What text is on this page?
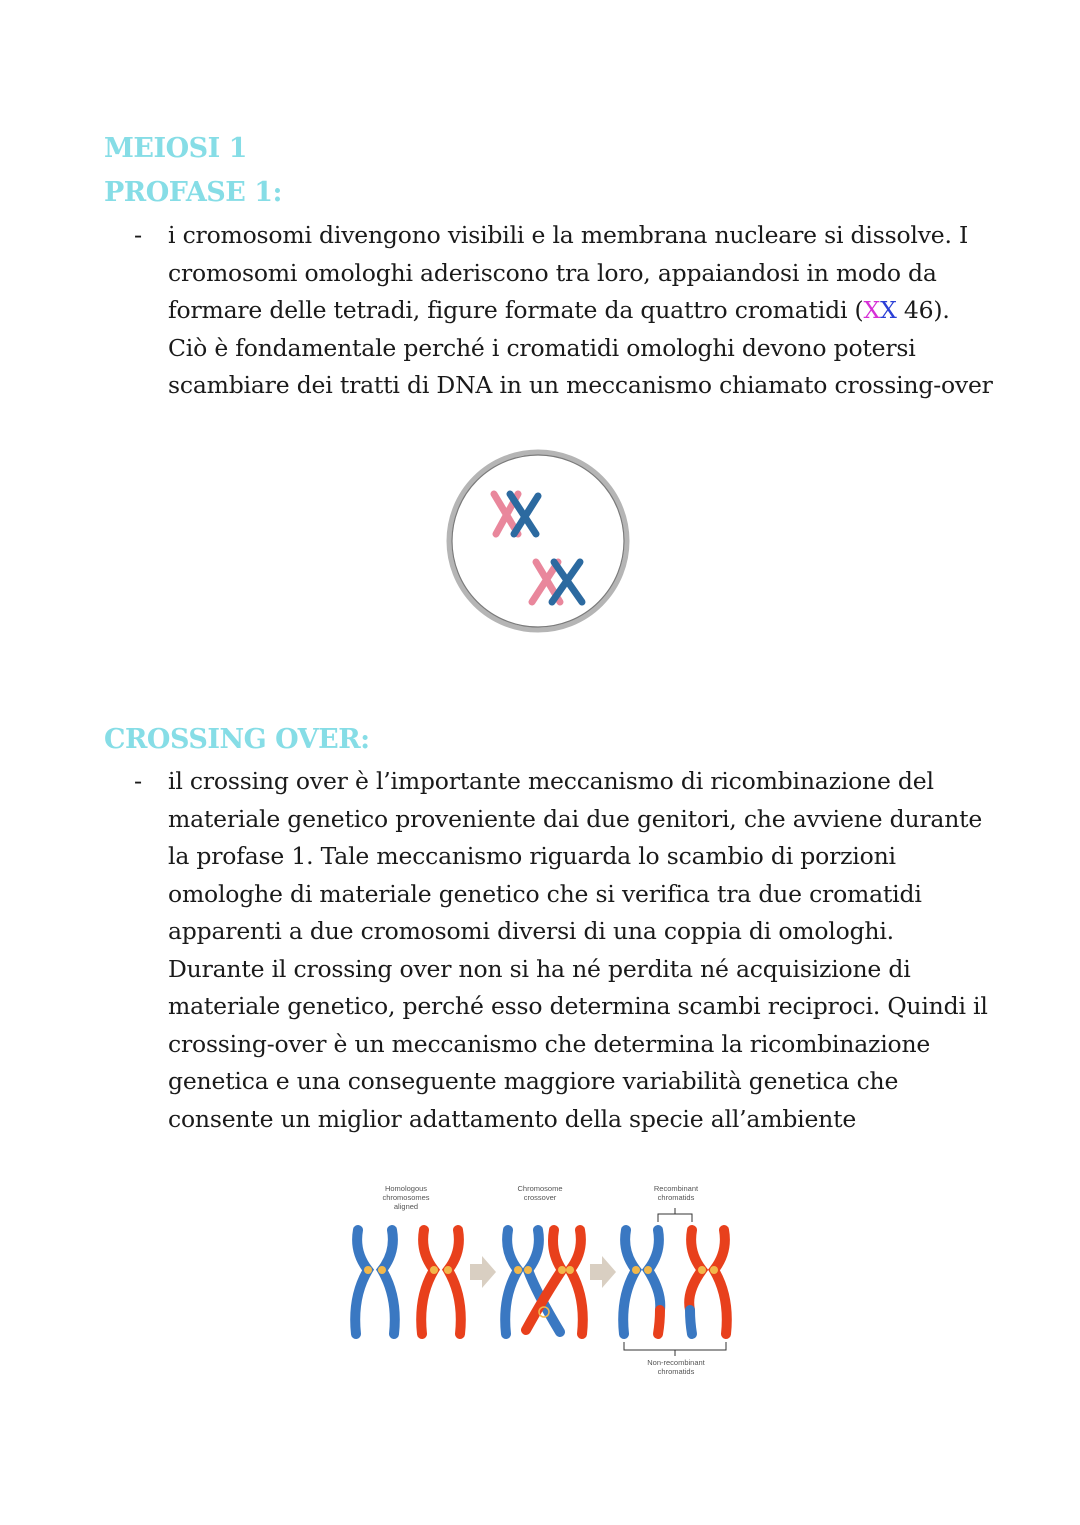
MEIOSI 1
PROFASE 1:
- i cromosomi divengono visibili e la membrana nucleare si dissolve. I cromosomi omologhi aderiscono tra loro, appaiandosi in modo da formare delle tetradi, figure formate da quattro cromatidi (XX 46). Ciò è fondamentale perché i cromatidi omologhi devono potersi scambiare dei tratti di DNA in un meccanismo chiamato crossing-over

CROSSING OVER:
- il crossing over è l’importante meccanismo di ricombinazione del materiale genetico proveniente dai due genitori, che avviene durante la profase 1. Tale meccanismo riguarda lo scambio di porzioni omologhe di materiale genetico che si verifica tra due cromatidi apparenti a due cromosomi diversi di una coppia di omologhi. Durante il crossing over non si ha né perdita né acquisizione di materiale genetico, perché esso determina scambi reciproci. Quindi il crossing-over è un meccanismo che determina la ricombinazione genetica e una conseguente maggiore variabilità genetica che consente un miglior adattamento della specie all’ambiente

Homologous
chromosomes
aligned
Chromosome
crossover
Recombinant
chromatids
Non-recombinant
chromatids
